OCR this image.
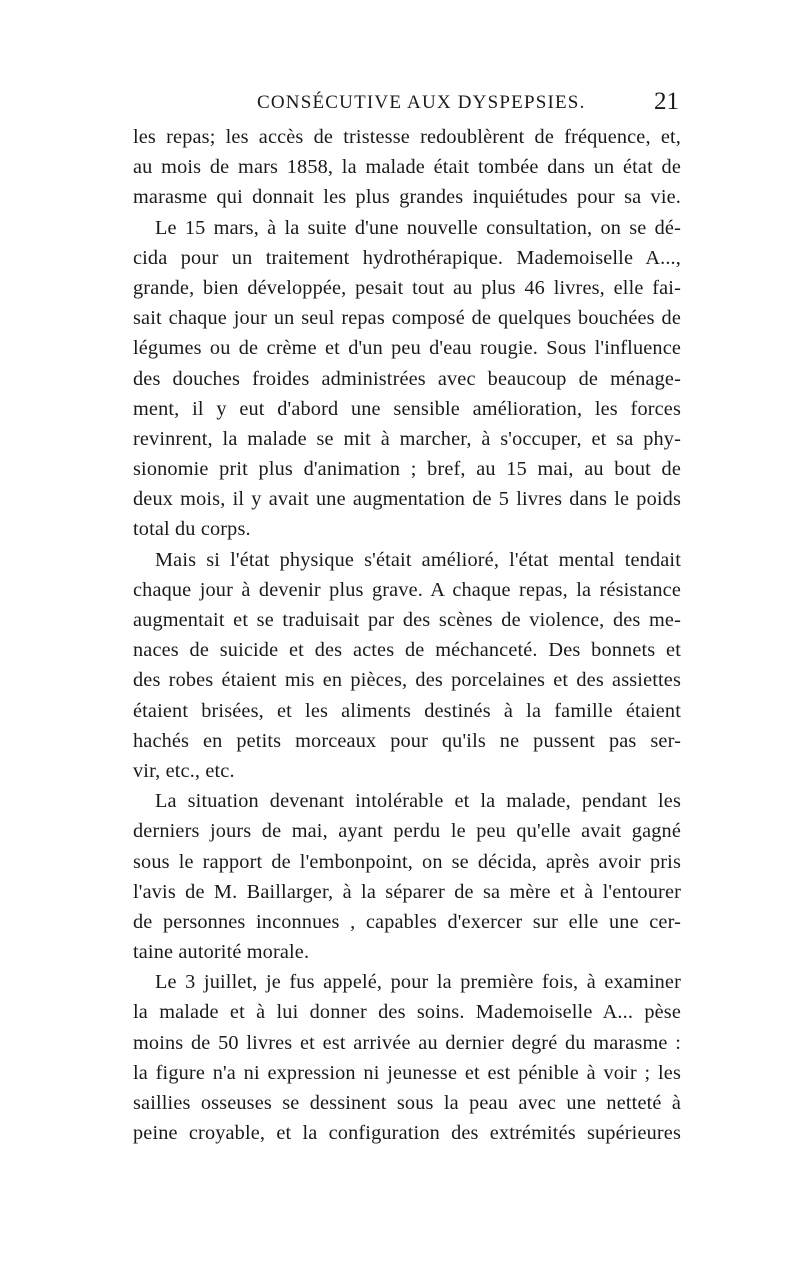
CONSÉCUTIVE AUX DYSPEPSIES.	21
les repas; les accès de tristesse redoublèrent de fréquence, et,
au mois de mars 1858, la malade était tombée dans un état de
marasme qui donnait les plus grandes inquiétudes pour sa vie.
Le 15 mars, à la suite d'une nouvelle consultation, on se dé-
cida pour un traitement hydrothérapique. Mademoiselle A...,
grande, bien développée, pesait tout au plus 46 livres, elle fai-
sait chaque jour un seul repas composé de quelques bouchées de
légumes ou de crème et d'un peu d'eau rougie. Sous l'influence
des douches froides administrées avec beaucoup de ménage-
ment, il y eut d'abord une sensible amélioration, les forces
revinrent, la malade se mit à marcher, à s'occuper, et sa phy-
sionomie prit plus d'animation ; bref, au 15 mai, au bout de
deux mois, il y avait une augmentation de 5 livres dans le poids
total du corps.
Mais si l'état physique s'était amélioré, l'état mental tendait
chaque jour à devenir plus grave. A chaque repas, la résistance
augmentait et se traduisait par des scènes de violence, des me-
naces de suicide et des actes de méchanceté. Des bonnets et
des robes étaient mis en pièces, des porcelaines et des assiettes
étaient brisées, et les aliments destinés à la famille étaient
hachés en petits morceaux pour qu'ils ne pussent pas ser-
vir, etc., etc.
La situation devenant intolérable et la malade, pendant les
derniers jours de mai, ayant perdu le peu qu'elle avait gagné
sous le rapport de l'embonpoint, on se décida, après avoir pris
l'avis de M. Baillarger, à la séparer de sa mère et à l'entourer
de personnes inconnues , capables d'exercer sur elle une cer-
taine autorité morale.
Le 3 juillet, je fus appelé, pour la première fois, à examiner
la malade et à lui donner des soins. Mademoiselle A... pèse
moins de 50 livres et est arrivée au dernier degré du marasme :
la figure n'a ni expression ni jeunesse et est pénible à voir ; les
saillies osseuses se dessinent sous la peau avec une netteté à
peine croyable, et la configuration des extrémités supérieures
